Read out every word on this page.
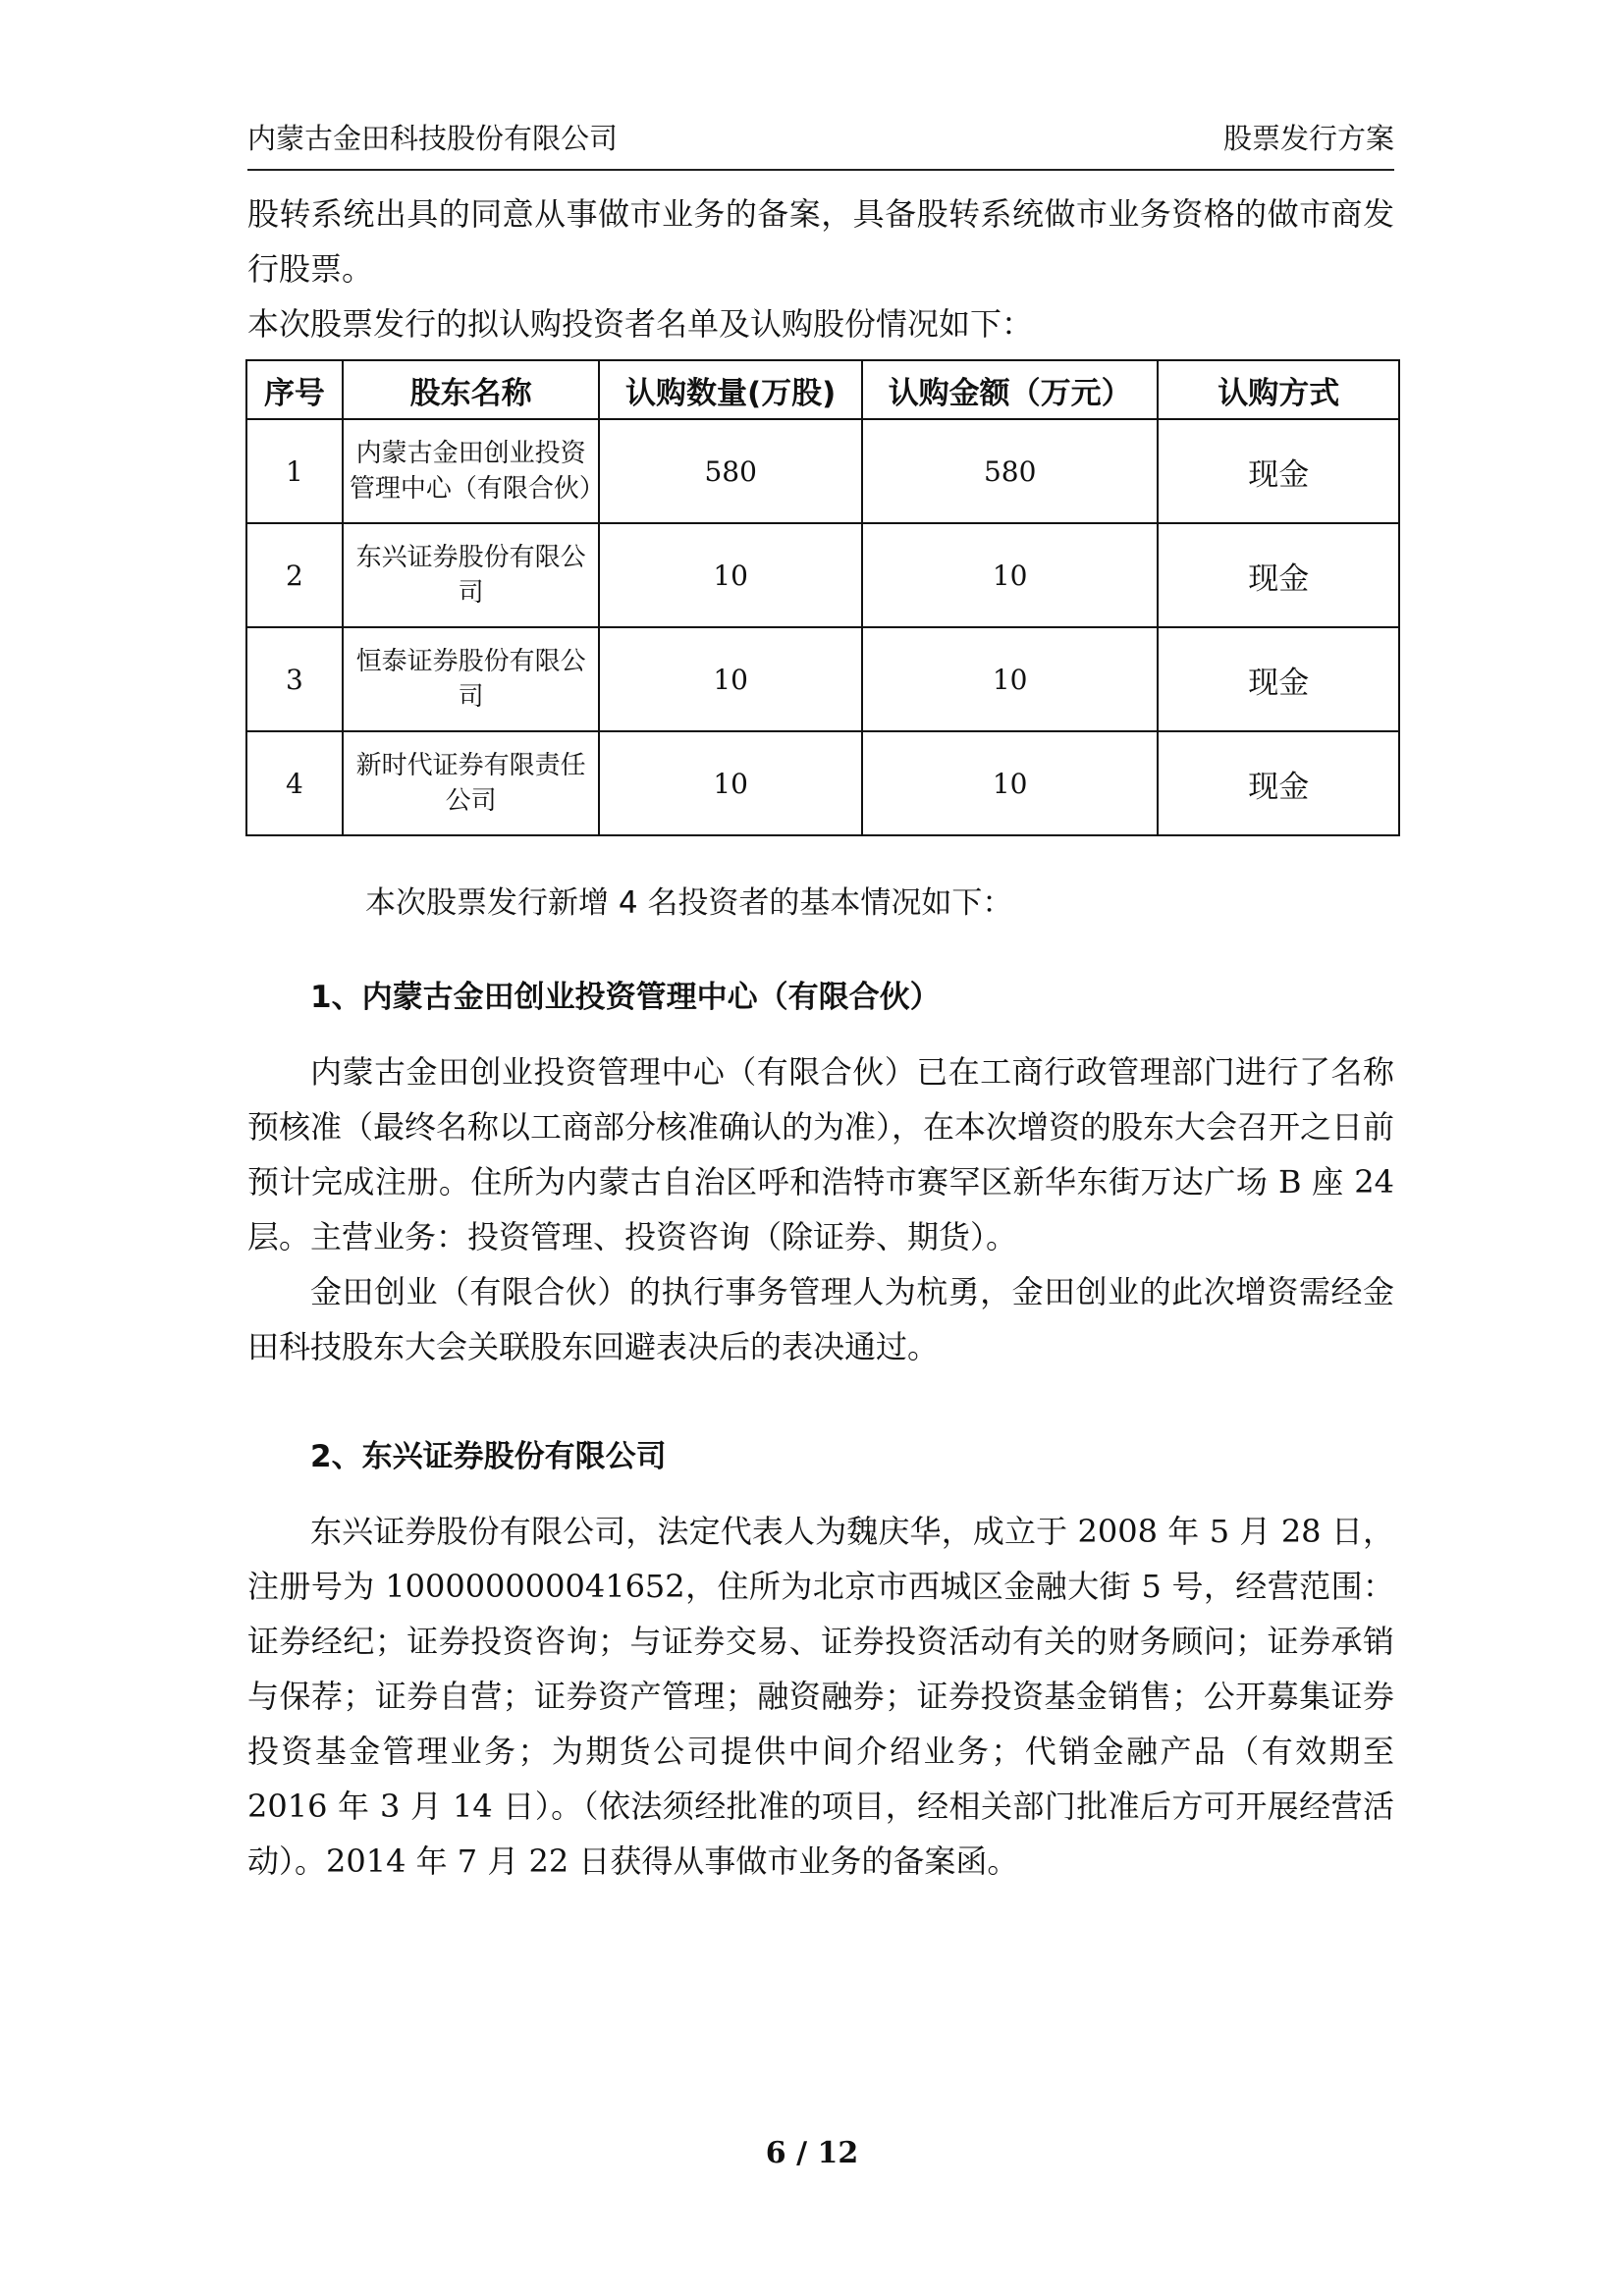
内蒙古金田科技股份有限公司	股票发行方案

股转系统出具的同意从事做市业务的备案，具备股转系统做市业务资格的做市商发行股票。

本次股票发行的拟认购投资者名单及认购股份情况如下：

序号	股东名称	认购数量(万股)	认购金额（万元）	认购方式
1	内蒙古金田创业投资管理中心（有限合伙）	580	580	现金
2	东兴证券股份有限公司	10	10	现金
3	恒泰证券股份有限公司	10	10	现金
4	新时代证券有限责任公司	10	10	现金

本次股票发行新增 4 名投资者的基本情况如下：

1、内蒙古金田创业投资管理中心（有限合伙）

内蒙古金田创业投资管理中心（有限合伙）已在工商行政管理部门进行了名称预核准（最终名称以工商部分核准确认的为准），在本次增资的股东大会召开之日前预计完成注册。住所为内蒙古自治区呼和浩特市赛罕区新华东街万达广场 B 座 24 层。主营业务：投资管理、投资咨询（除证券、期货）。

金田创业（有限合伙）的执行事务管理人为杭勇，金田创业的此次增资需经金田科技股东大会关联股东回避表决后的表决通过。

2、东兴证券股份有限公司

东兴证券股份有限公司，法定代表人为魏庆华，成立于 2008 年 5 月 28 日，注册号为 100000000041652，住所为北京市西城区金融大街 5 号，经营范围：证券经纪；证券投资咨询；与证券交易、证券投资活动有关的财务顾问；证券承销与保荐；证券自营；证券资产管理；融资融券；证券投资基金销售；公开募集证券投资基金管理业务；为期货公司提供中间介绍业务；代销金融产品（有效期至 2016 年 3 月 14 日）。（依法须经批准的项目，经相关部门批准后方可开展经营活动）。2014 年 7 月 22 日获得从事做市业务的备案函。

6 / 12
